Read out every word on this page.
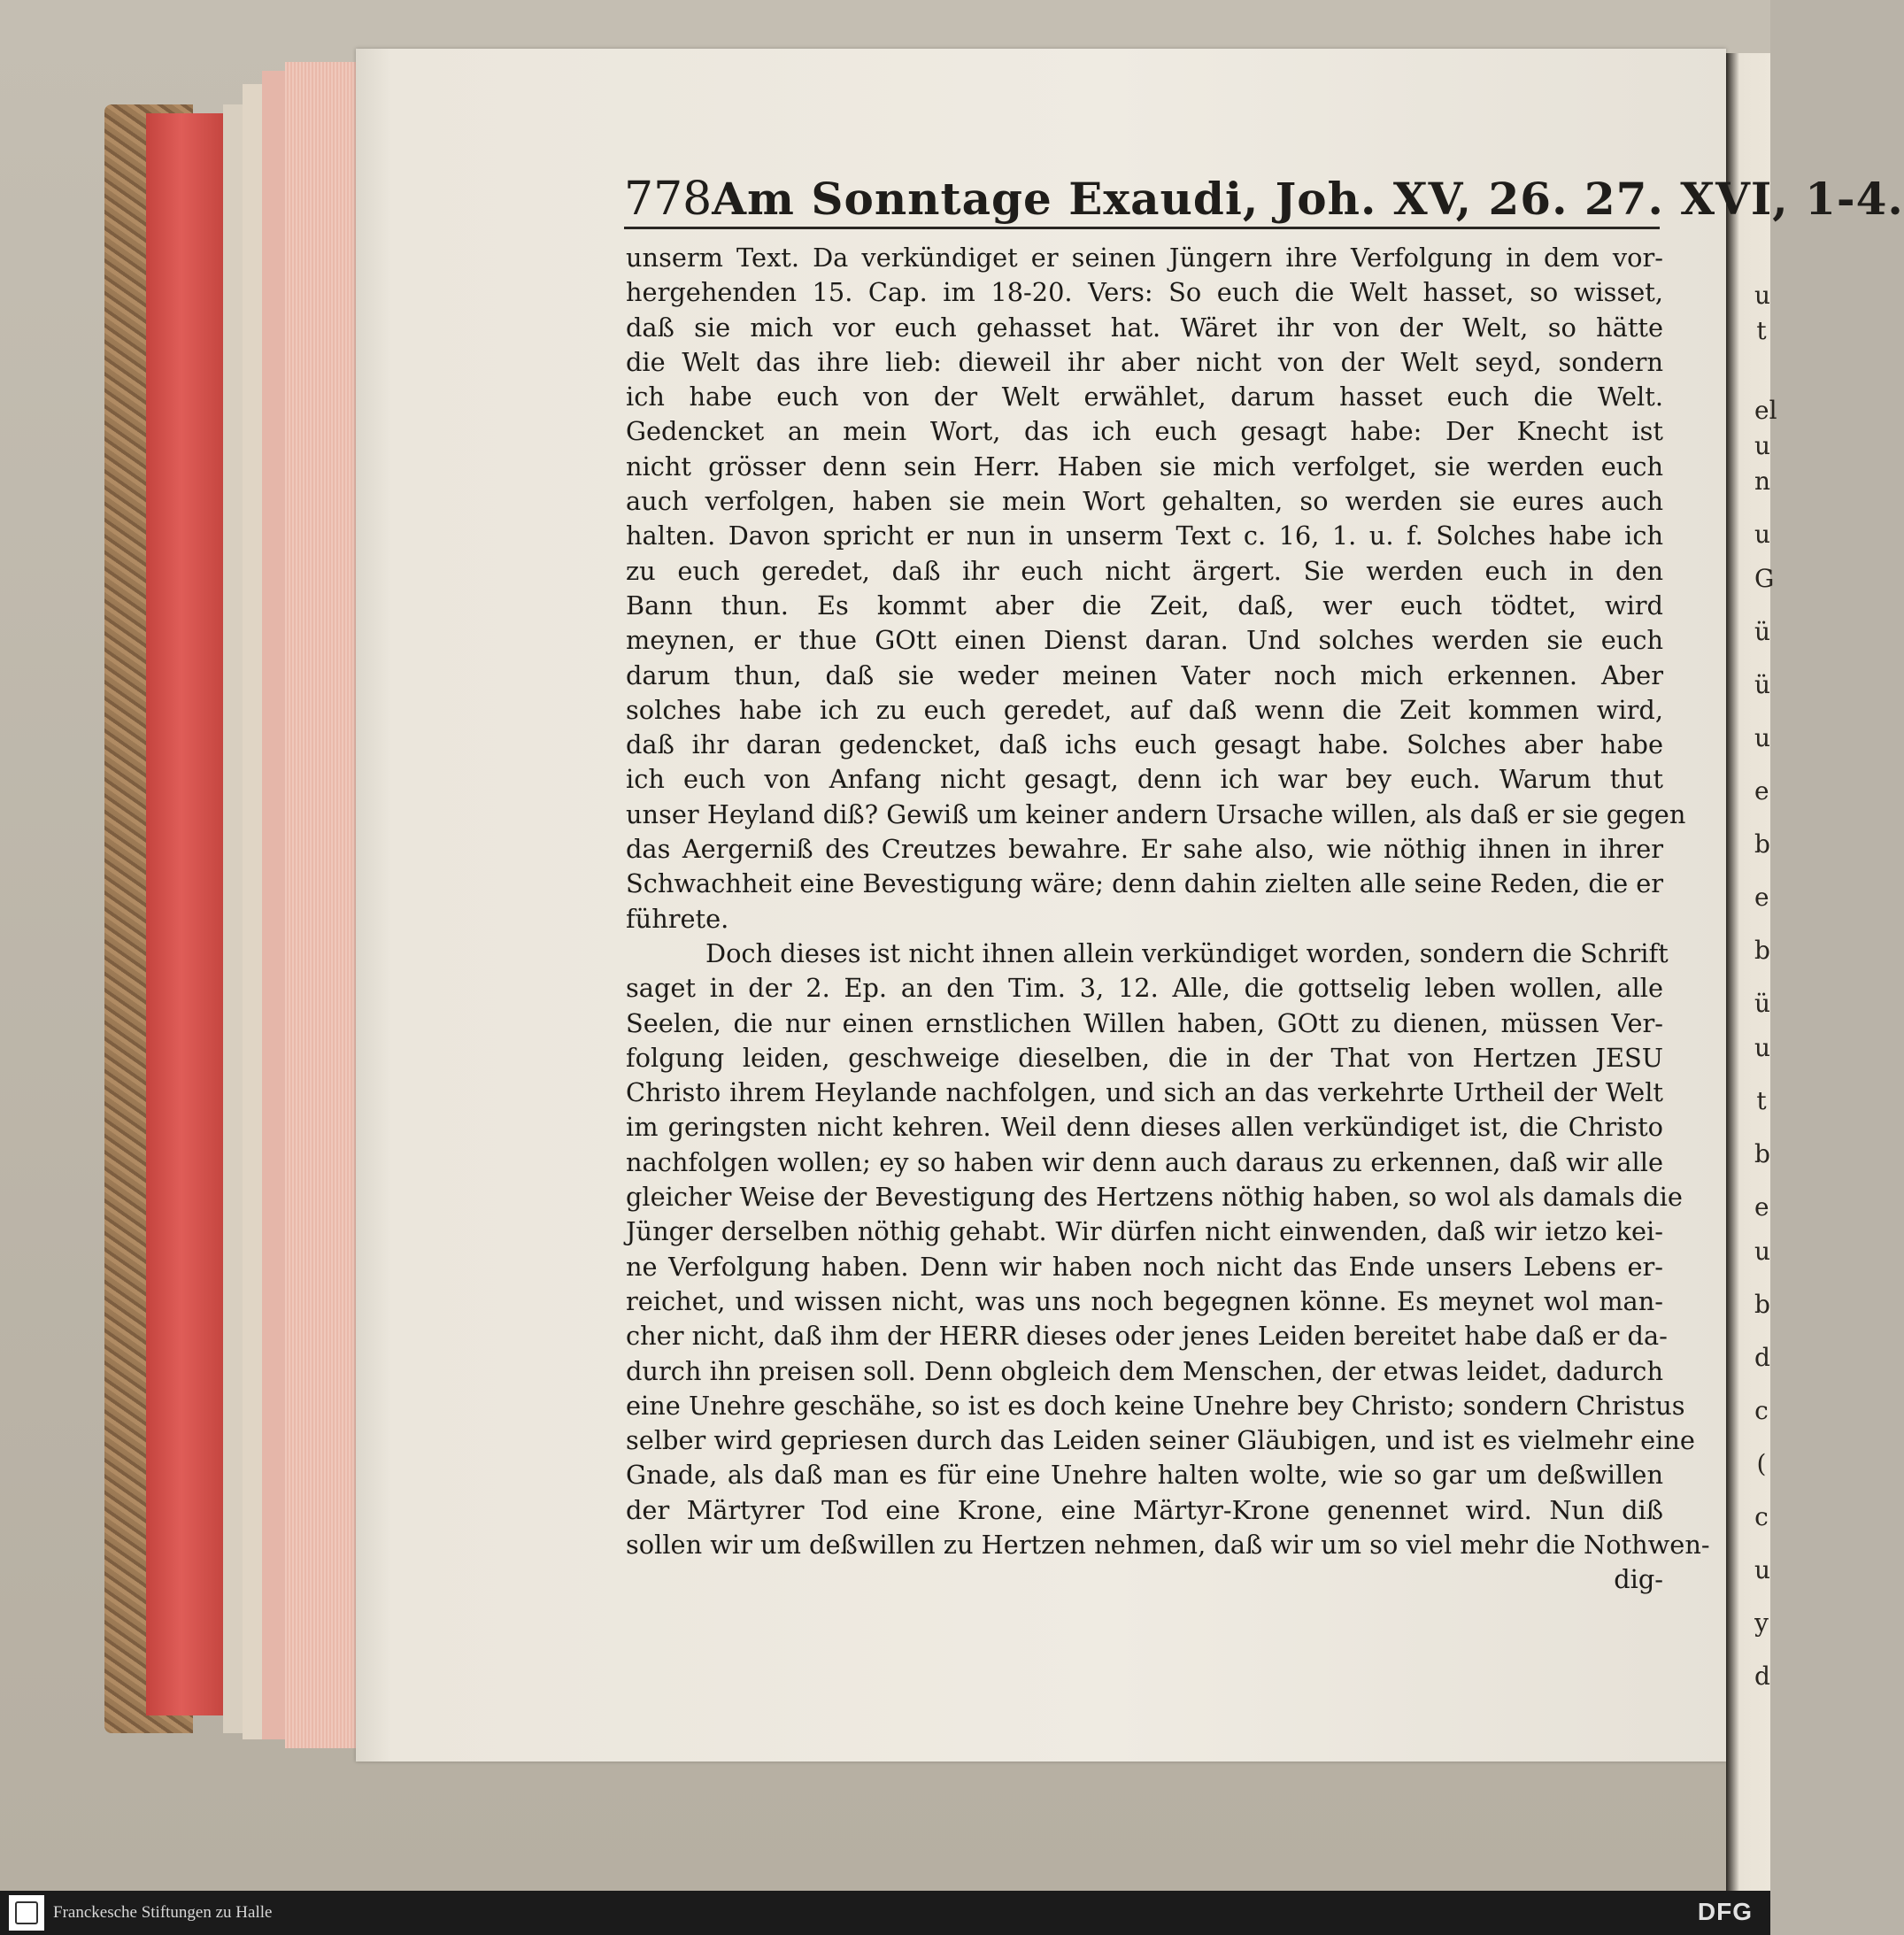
778 Am Sonntage Exaudi, Joh. XV, 26. 27. XVI, 1-4.
unserm Text. Da verkündiget er seinen Jüngern ihre Verfolgung in dem vor-
hergehenden 15. Cap. im 18-20. Vers: So euch die Welt hasset, so wisset,
daß sie mich vor euch gehasset hat. Wäret ihr von der Welt, so hätte
die Welt das ihre lieb: dieweil ihr aber nicht von der Welt seyd, sondern
ich habe euch von der Welt erwählet, darum hasset euch die Welt.
Gedencket an mein Wort, das ich euch gesagt habe: Der Knecht ist
nicht grösser denn sein Herr. Haben sie mich verfolget, sie werden euch
auch verfolgen, haben sie mein Wort gehalten, so werden sie eures auch
halten. Davon spricht er nun in unserm Text c. 16, 1. u. f. Solches habe ich
zu euch geredet, daß ihr euch nicht ärgert. Sie werden euch in den
Bann thun. Es kommt aber die Zeit, daß, wer euch tödtet, wird
meynen, er thue GOtt einen Dienst daran. Und solches werden sie euch
darum thun, daß sie weder meinen Vater noch mich erkennen. Aber
solches habe ich zu euch geredet, auf daß wenn die Zeit kommen wird,
daß ihr daran gedencket, daß ichs euch gesagt habe. Solches aber habe
ich euch von Anfang nicht gesagt, denn ich war bey euch. Warum thut
unser Heyland diß? Gewiß um keiner andern Ursache willen, als daß er sie gegen
das Aergerniß des Creutzes bewahre. Er sahe also, wie nöthig ihnen in ihrer
Schwachheit eine Bevestigung wäre; denn dahin zielten alle seine Reden, die er
führete.
Doch dieses ist nicht ihnen allein verkündiget worden, sondern die Schrift
saget in der 2. Ep. an den Tim. 3, 12. Alle, die gottselig leben wollen, alle
Seelen, die nur einen ernstlichen Willen haben, GOtt zu dienen, müssen Ver-
folgung leiden, geschweige dieselben, die in der That von Hertzen JESU
Christo ihrem Heylande nachfolgen, und sich an das verkehrte Urtheil der Welt
im geringsten nicht kehren. Weil denn dieses allen verkündiget ist, die Christo
nachfolgen wollen; ey so haben wir denn auch daraus zu erkennen, daß wir alle
gleicher Weise der Bevestigung des Hertzens nöthig haben, so wol als damals die
Jünger derselben nöthig gehabt. Wir dürfen nicht einwenden, daß wir ietzo kei-
ne Verfolgung haben. Denn wir haben noch nicht das Ende unsers Lebens er-
reichet, und wissen nicht, was uns noch begegnen könne. Es meynet wol man-
cher nicht, daß ihm der HERR dieses oder jenes Leiden bereitet habe daß er da-
durch ihn preisen soll. Denn obgleich dem Menschen, der etwas leidet, dadurch
eine Unehre geschähe, so ist es doch keine Unehre bey Christo; sondern Christus
selber wird gepriesen durch das Leiden seiner Gläubigen, und ist es vielmehr eine
Gnade, als daß man es für eine Unehre halten wolte, wie so gar um deßwillen
der Märtyrer Tod eine Krone, eine Märtyr-Krone genennet wird. Nun diß
sollen wir um deßwillen zu Hertzen nehmen, daß wir um so viel mehr die Nothwen-
dig-
u
t
el
u
n
u
G
ü
ü
u
e
b
e
b
ü
u
t
b
e
u
b
d
c
(
c
u
y
d
Franckesche Stiftungen zu Halle	DFG
